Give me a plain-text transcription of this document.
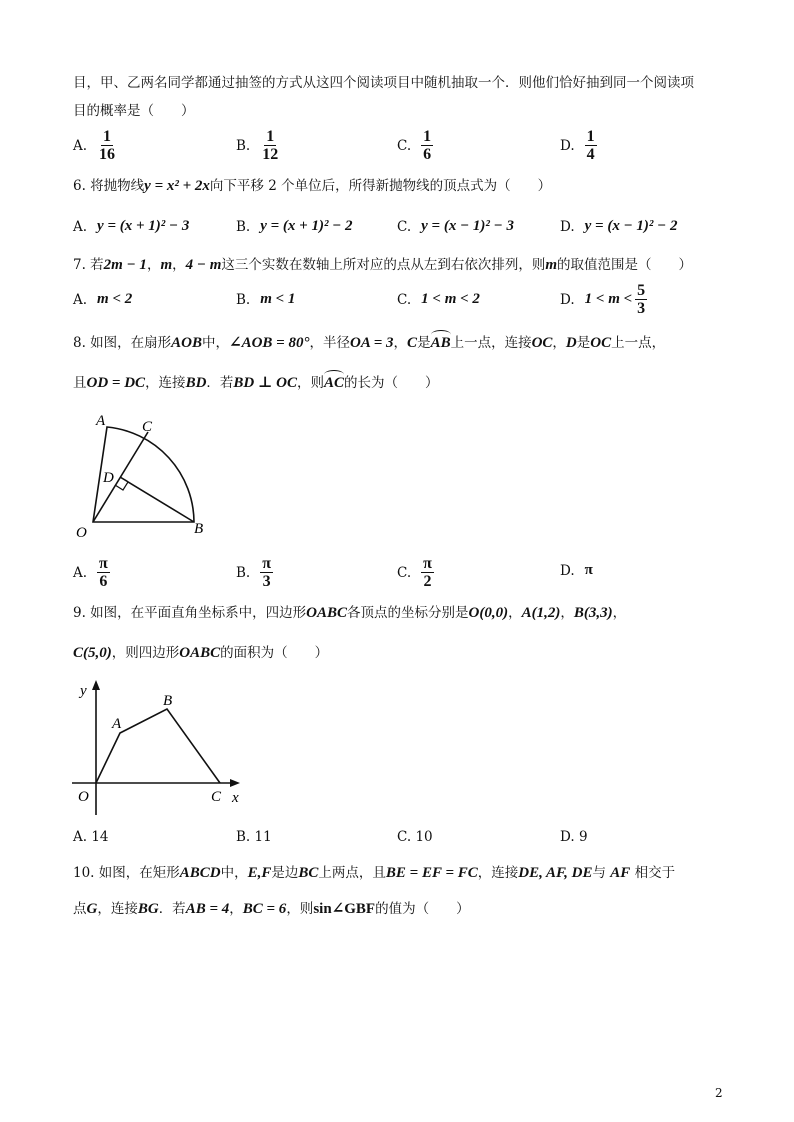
目，甲、乙两名同学都通过抽签的方式从这四个阅读项目中随机抽取一个．则他们恰好抽到同一个阅读项
目的概率是（　　）
A. $\frac{1}{16}$	B. $\frac{1}{12}$	C. $\frac{1}{6}$	D. $\frac{1}{4}$
6. 将抛物线y = x² + 2x向下平移 2 个单位后，所得新抛物线的顶点式为（　　）
A. y = (x + 1)² − 3	B. y = (x + 1)² − 2	C. y = (x − 1)² − 3	D. y = (x − 1)² − 2
7. 若2m − 1，m，4 − m这三个实数在数轴上所对应的点从左到右依次排列，则m的取值范围是（　　）
A. m < 2	B. m < 1	C. 1 < m < 2	D. $1 < m < \frac{5}{3}$
8. 如图，在扇形AOB中，∠AOB = 80°，半径OA = 3，C是AB上一点，连接OC，D是OC上一点，
且OD = DC，连接BD．若BD ⊥ OC，则AC的长为（　　）
A C
D
O	B
A. $\frac{\pi}{6}$	B. $\frac{\pi}{3}$	C. $\frac{\pi}{2}$	D. π
9. 如图，在平面直角坐标系中，四边形OABC各顶点的坐标分别是O(0,0)，A(1,2)，B(3,3)，
C(5,0)，则四边形OABC的面积为（　　）
y
x
O
A
B
C
A.
14	B.
11	C.
10	D.
9
10. 如图，在矩形ABCD中，E,F是边BC上两点，且BE = EF = FC，连接DE, AF, DE与 AF 相交于
点G，连接BG．若AB = 4，BC = 6，则sin∠GBF的值为（　　）
2
